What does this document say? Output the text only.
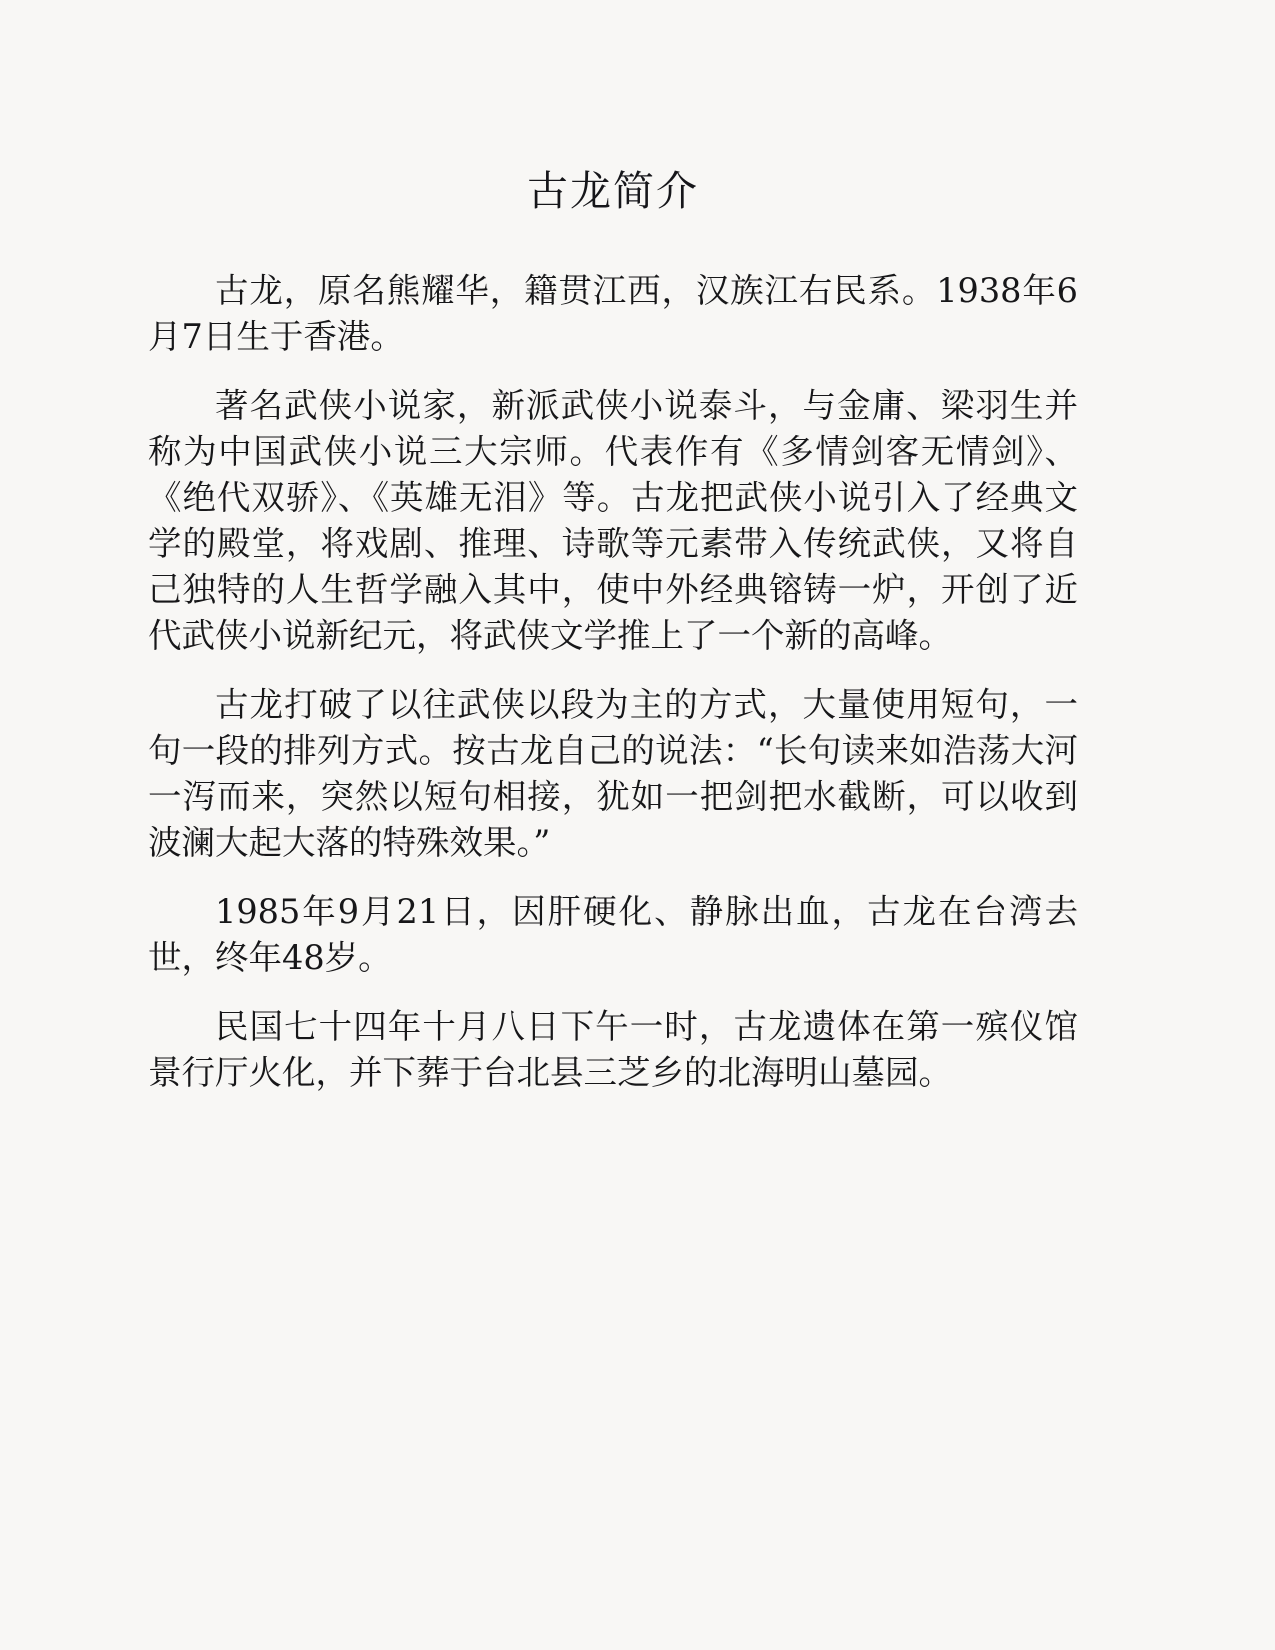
古龙简介

古龙，原名熊耀华，籍贯江西，汉族江右民系。1938年6月7日生于香港。

著名武侠小说家，新派武侠小说泰斗，与金庸、梁羽生并称为中国武侠小说三大宗师。代表作有《多情剑客无情剑》、《绝代双骄》、《英雄无泪》等。古龙把武侠小说引入了经典文学的殿堂，将戏剧、推理、诗歌等元素带入传统武侠，又将自己独特的人生哲学融入其中，使中外经典镕铸一炉，开创了近代武侠小说新纪元，将武侠文学推上了一个新的高峰。

古龙打破了以往武侠以段为主的方式，大量使用短句，一句一段的排列方式。按古龙自己的说法：“长句读来如浩荡大河一泻而来，突然以短句相接，犹如一把剑把水截断，可以收到波澜大起大落的特殊效果。”

1985年9月21日，因肝硬化、静脉出血，古龙在台湾去世，终年48岁。

民国七十四年十月八日下午一时，古龙遗体在第一殡仪馆景行厅火化，并下葬于台北县三芝乡的北海明山墓园。
